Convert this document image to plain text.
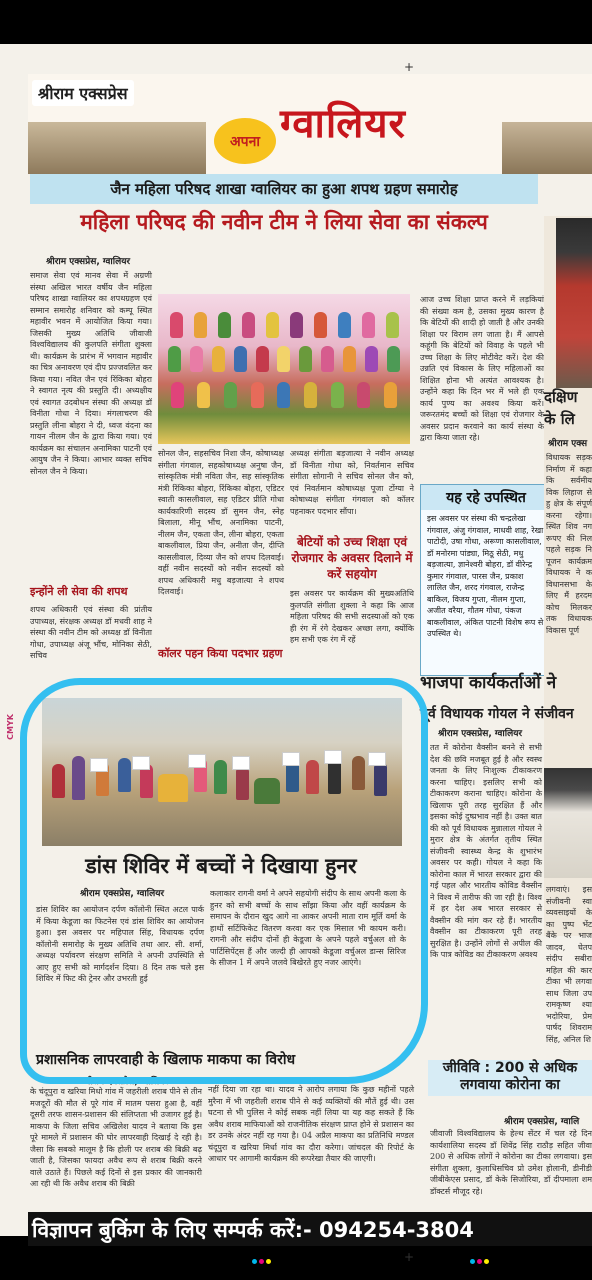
+
+
CMYK
श्रीराम एक्सप्रेस
अपना ग्वालियर
जैन महिला परिषद शाखा ग्वालियर का हुआ शपथ ग्रहण समारोह
महिला परिषद की नवीन टीम ने लिया सेवा का संकल्प
श्रीराम एक्सप्रेस, ग्वालियर
समाज सेवा एवं मानव सेवा में अग्रणी संस्था अखिल भारत वर्षीय जैन महिला परिषद शाखा ग्वालियर का शपथग्रहण एवं सम्मान समारोह शनिवार को कम्पू स्थित महावीर भवन में आयोजित किया गया। जिसकी मुख्य अतिथि जीवाजी विश्वविद्यालय की कुलपति संगीता शुक्ला थी। कार्यक्रम के प्रारंभ में भगवान महावीर का चित्र अनावरण एवं दीप प्रज्जवलित कर किया गया। नवित जैन एवं रिंकिका बोहरा ने स्वागत नृत्य की प्रस्तुति दी। अध्यक्षीय एवं स्वागत उदबोधन संस्था की अध्यक्ष डॉ विनीता गोधा ने दिया। मंगलाचरण की प्रस्तुति लीना बोहरा ने दी, ध्वज वंदना का गायन नीलम जैन के द्वारा किया गया। एवं कार्यक्रम का संचालन अनामिका पाटनी एवं आयुष जैन ने किया। आभार व्यक्त सचिव सोनल जैन ने किया।
इन्होंने ली सेवा की शपथ
शपथ अधिकारी एवं संस्था की प्रांतीय उपाध्यक्ष, संरक्षक अध्यक्ष डॉ मधवी शाह ने संस्था की नवीन टीम को अध्यक्ष डॉ विनीता गोधा, उपाध्यक्ष अंजू भौंच, मोनिका सेठी, सचिव
सोनल जैन, सहसचिव निशा जैन, कोषाध्यक्ष संगीता गंगवाल, सहकोषाध्यक्ष अनुषा जैन, सांस्कृतिक मंत्री नविता जैन, सह सांस्कृतिक मंत्री रिंकिका बोहरा, रिंकिका बोहरा, एडिटर स्वाती कासलीवाल, सह एडिटर प्रीति गोधा कार्यकारिणी सदस्य डॉ सुमन जैन, स्नेह बिलाला, मीनू भौंच, अनामिका पाटनी, नीलम जैन, एकता जैन, लीना बोहरा, एकता बाकलीवाल, प्रिया जैन, अनीता जैन, दीप्ति कासलीवाल, दिव्या जैन को शपथ दिलवाई। वहीं नवीन सदस्यों को नवीन सदस्यों को शपथ अधिकारी मधु बड़जात्या ने शपथ दिलवाई।
कॉलर पहन किया पदभार ग्रहण
अध्यक्ष संगीता बड़जात्या ने नवीन अध्यक्ष डॉ विनीता गोधा को, निवर्तमान सचिव संगीता सोगानी ने सचिव सोनल जैन को, एवं निवर्तमान कोषाध्यक्ष पूजा टोंग्या ने कोषाध्यक्ष संगीता गंगवाल को कॉलर पहनाकर पदभार सौंपा।
बेटियों को उच्च शिक्षा एवं रोजगार के अवसर दिलाने में करें सहयोग
इस अवसर पर कार्यक्रम की मुख्यअतिथि कुलपति संगीता शुक्ला ने कहा कि आज महिला परिषद की सभी सदस्याओं को एक ही रंग में रंगे देखकर अच्छा लगा, क्योंकि हम सभी एक रंग में रहें
आज उच्च शिक्षा प्राप्त करने में लड़कियां की संख्या कम है, उसका मुख्य कारण है कि बेटियों की शादी हो जाती है और उनकी शिक्षा पर विराम लग जाता है। मैं आपसे कहूंगी कि बेटियों को विवाह के पहले भी उच्च शिक्षा के लिए मोटीवेट करें। देश की उन्नति एवं विकास के लिए महिलाओं का शिक्षित होना भी अत्यंत आवश्यक है। उन्होंने कहा कि दिन भर में भले ही एक कार्य पुण्य का अवश्य किया करें। जरूरतमंद बच्चों को शिक्षा एवं रोजगार के अवसर प्रदान करवाने का कार्य संस्था के द्वारा किया जाता रहे।
यह रहे उपस्थित
इस अवसर पर संस्था की चन्द्रलेखा गंगवाल, अंजु गंगवाल, माधवी शाह, रेखा पाटोदी, उषा गोधा, अरूणा कासलीवाल, डॉ मनोरमा पांड्या, मिठू सेठी, मधु बड़जात्या, ज्ञानेश्वरी बोहरा, डॉ वीरेन्द्र कुमार गंगवाल, पारस जैन, प्रकाश लालित जैन, शरद गंगवाल, राजेन्द्र बाकिल, विजय गुप्ता, नीलम गुप्ता, अजीत वरैया, गौतम गोधा, पंकज बाकलीवाल, अंकित पाटनी विशेष रूप से उपस्थित थे।
दक्षिण के लि
श्रीराम एक्स
विधायक सड़क निर्माण में कहा कि सर्वमीय विक लिहाज से हु क्षेत्र के संपूर्ण करना रहेगा। स्थित शिव नग रूपए की निल पहले सड़क नि पूजन कार्यक्रम विधायक ने क विधानसभा के लिए मैं हरदम कोच मिलकर तक विधायक विकास पूर्ण
भाजपा कार्यकर्ताओं ने
पूर्व विधायक गोयल ने संजीवन
श्रीराम एक्सप्रेस, ग्वालियर
तत में कोरोना वैक्सीन बनने से सभी देश की छवि मजबूत हुई है और स्वस्थ जनता के लिए निःशुल्क टीकाकरण करना चाहिए। इसलिए सभी को टीकाकरण कराना चाहिए। कोरोना के खिलाफ पूरी तरह सुरक्षित हैं और इसका कोई दुष्प्रभाव नहीं है। उक्त बात की को पूर्व विधायक मुन्नालाल गोयल ने मुरार क्षेत्र के अंतर्गत तृतीय स्थित संजीवनी स्वास्थ्य केन्द्र के शुभारंभ अवसर पर कही। गोयल ने कहा कि कोरोना काल में भारत सरकार द्वारा की गई पहल और भारतीय कोविड वैक्सीन ने विश्व में तारीफ की जा रही है। विश्व में हर देश अब भारत सरकार से वैक्सीन की मांग कर रहे हैं। भारतीय वैक्सीन का टीकाकरण पूरी तरह सुरक्षित है। उन्होंने लोगों से अपील की कि पात्र कोविड का टीकाकरण अवश्य
लगवाएं। इस संजीवनी स्वा व्यवसाइयों के का पुष्प भेंट बैंके पर भाज जादव, घेतप संदीप सबीरा महिल की कार टीका भी लगवा साथ जिला उप रामकृष्ण श्या भदोरिया, प्रेम पार्षद शिवराम सिंह, अनिल शि
डांस शिविर में बच्चों ने दिखाया हुनर
श्रीराम एक्सप्रेस, ग्वालियर
डांस शिविर का आयोजन दर्पण कॉलोनी स्थित अटल पार्क में किया केडूजा का फिटनेस एवं डांस शिविर का आयोजन हुआ। इस अवसर पर महिपाल सिंह, विधायक दर्पण कॉलोनी समारोह के मुख्य अतिथि तथा आर. सी. शर्मा, अध्यक्ष पर्यावरण संरक्षण समिति ने अपनी उपस्थिति से आए हुए सभी को मार्गदर्शन दिया। 8 दिन तक चले इस शिविर में फिट की ट्रेनर और उभरती हुई
कलाकार रागनी वर्मा ने अपने सहयोगी संदीप के साथ अपनी कला के हुनर को सभी बच्चों के साथ साँझा किया और वहीं कार्यक्रम के समापन के दौरान खुद आगे ना आकर अपनी माता राम मूर्ति वर्मा के हाथों सर्टिफिकेट वितरण करवा कर एक मिसाल भी कायम करी। रागनी और संदीप दोनों ही केडूजा के अपने पहले वर्चुअल शो के पार्टिसिपेंट्स हैं और जल्दी ही आपको केडूजा वर्चुअल डान्स सिरिज के सीजन 1 में अपने जलवे बिखेरते हुए नजर आएंगे।
प्रशासनिक लापरवाही के खिलाफ माकपा का विरोध
श्रीराम एक्सप्रेस, ग्वालियर
के चंदूपुरा व खरिया मिधो गांव में जहरीली शराब पीने से तीन मजदूरों की मौत से पूरे गांव में मातम पसरा हुआ है, वहीं दूसरी तरफ शासन-प्रशासन की संलिप्तता भी उजागर हुई है। माकपा के जिला सचिव अखिलेश यादव ने बताया कि इस पूरे मामले में प्रशासन की घोर लापरवाही दिखाई दे रही है। जैसा कि सबको मालूम है कि होली पर शराब की बिक्री बढ़ जाती है, जिसका फायदा अवैध रूप से शराब बिक्री करने वाले उठाते हैं। पिछले कई दिनों से इस प्रकार की जानकारी आ रही थी कि अवैध शराब की बिक्री
नहीं दिया जा रहा था। यादव ने आरोप लगाया कि कुछ महीनों पहले मुरैना में भी जहरीली शराब पीने से कई व्यक्तियों की मौतें हुई थी। उस घटना से भी पुलिस ने कोई सबक नहीं लिया या यह कह सकते हैं कि अवैध शराब माफियाओं को राजनीतिक संरक्षण प्राप्त होने से प्रशासन का डर उनके अंदर नहीं रह गया है। 04 अप्रैल माकपा का प्रतिनिधि मण्डल चंदूपुरा व खरिया मिर्धा गांव का दौरा करेगा। जांचदल की रिपोर्ट के आधार पर आगामी कार्यक्रम की रूपरेखा तैयार की जाएगी।
जीविवि : 200 से अधिक लगवाया कोरोना का
श्रीराम एक्सप्रेस, ग्वालि
जीवाजी विश्वविद्यालय के हेल्थ सेंटर में चल रहे दिन कार्यशालिया सदस्य डॉ शिवेंद्र सिंह राठौड़ सहित जीवा 200 से अधिक लोगों ने कोरोना का टीका लगवाया। इस संगीता शुक्ला, कुलाधिसचिव प्रो उमेश होलानी, डीनीडी जीबीकेएस प्रसाद, डॉ केके सिजोरिया, डॉ दीपमाला शम डॉक्टर्स मौजूद रहे।
विज्ञापन बुकिंग के लिए सम्पर्क करें:- 094254-3804
